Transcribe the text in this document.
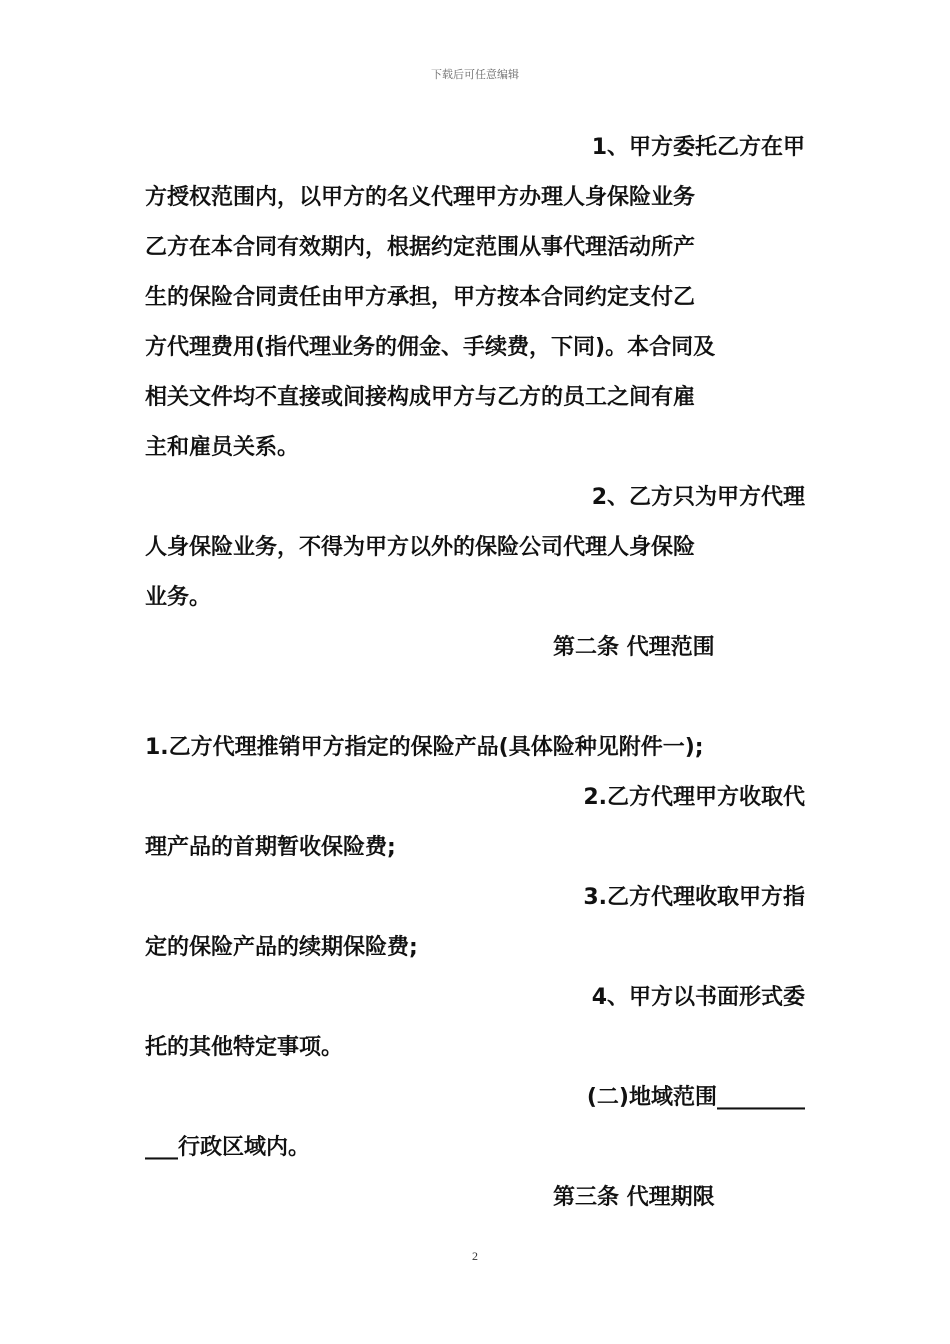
下载后可任意编辑
1、甲方委托乙方在甲
方授权范围内，以甲方的名义代理甲方办理人身保险业务
乙方在本合同有效期内，根据约定范围从事代理活动所产
生的保险合同责任由甲方承担，甲方按本合同约定支付乙
方代理费用(指代理业务的佣金、手续费，下同)。本合同及
相关文件均不直接或间接构成甲方与乙方的员工之间有雇
主和雇员关系。
2、乙方只为甲方代理
人身保险业务，不得为甲方以外的保险公司代理人身保险
业务。
第二条 代理范围
1.乙方代理推销甲方指定的保险产品(具体险种见附件一);
2.乙方代理甲方收取代
理产品的首期暂收保险费;
3.乙方代理收取甲方指
定的保险产品的续期保险费;
4、甲方以书面形式委
托的其他特定事项。
(二)地域范围________
___行政区域内。
第三条 代理期限
2
